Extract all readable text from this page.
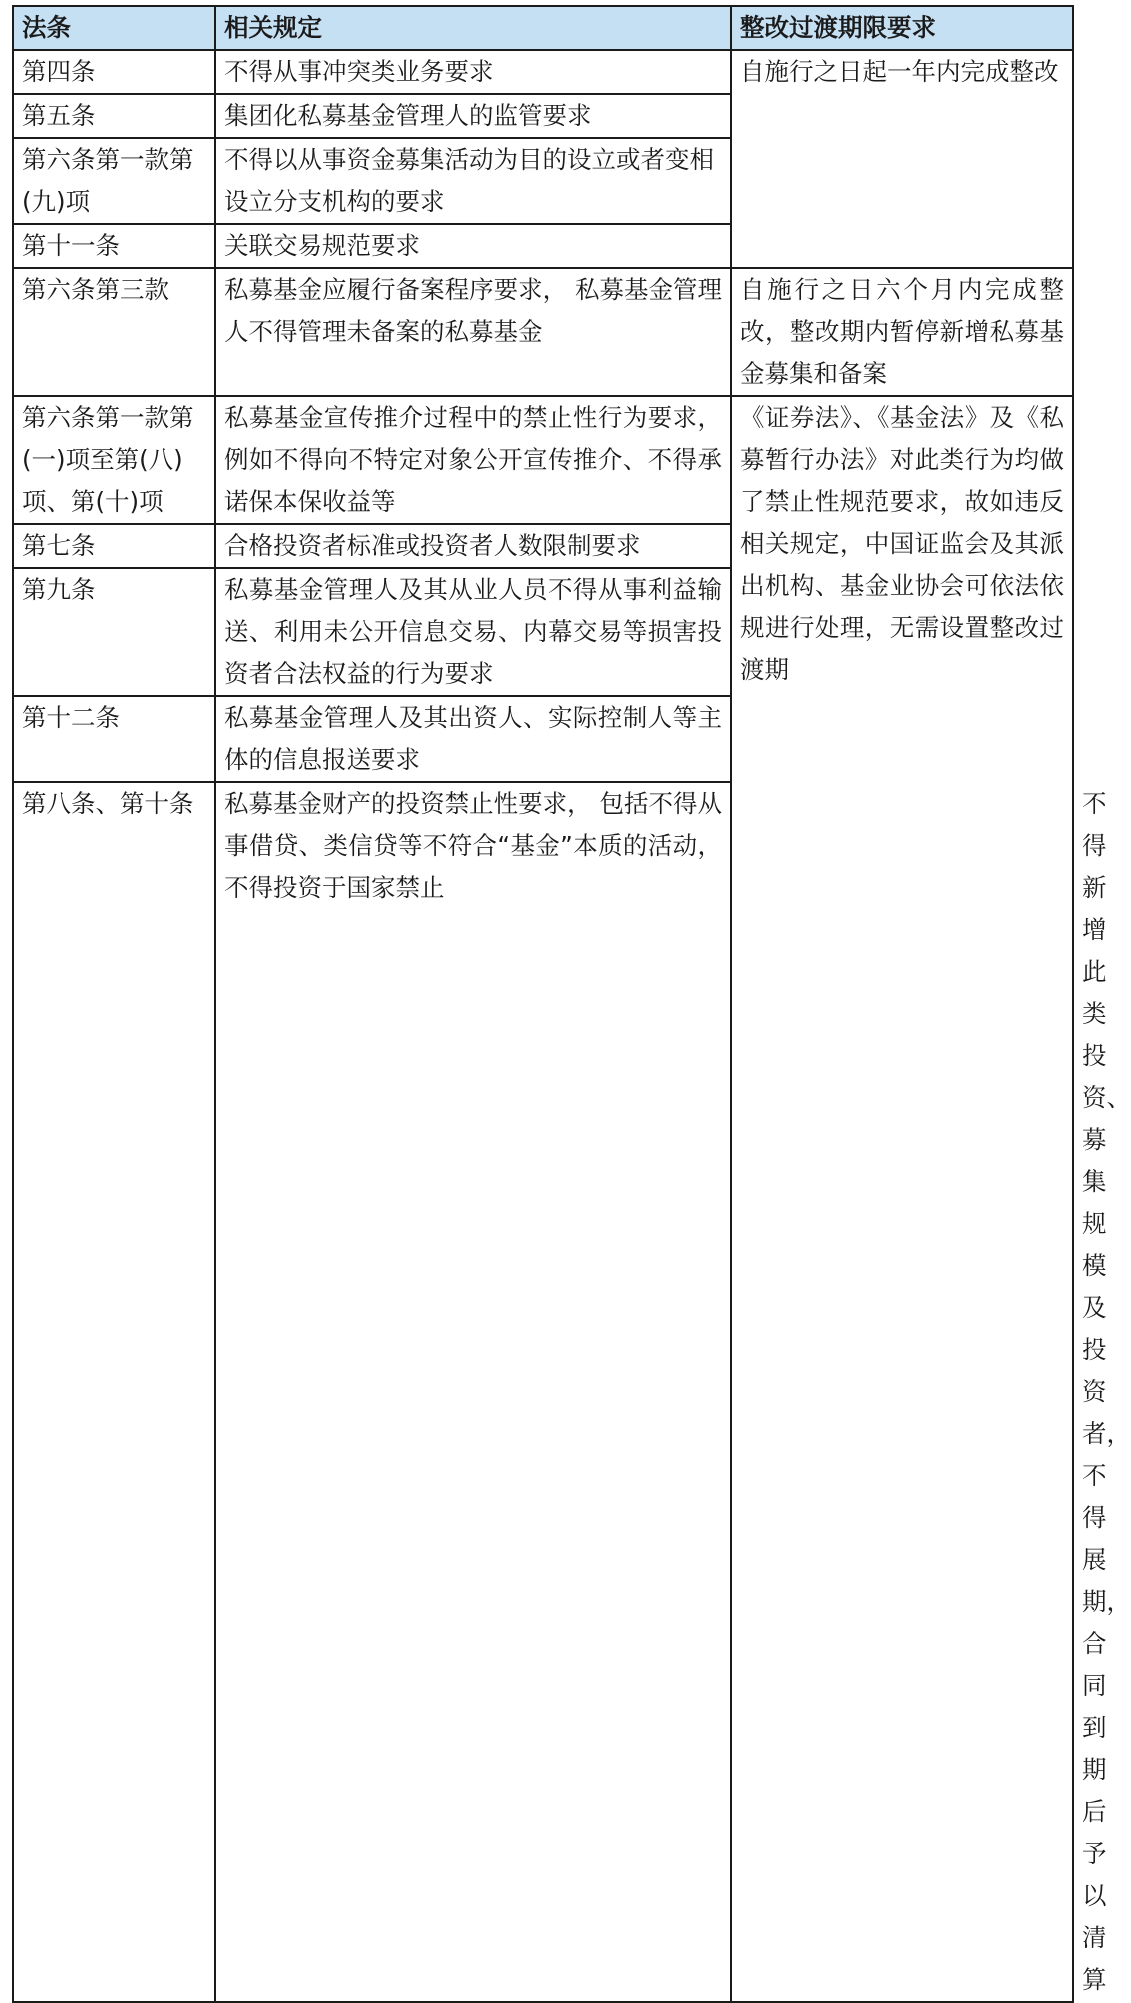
法条	相关规定	整改过渡期限要求	
第四条	不得从事冲突类业务要求	自施行之日起一年内完成整改	
第五条	集团化私募基金管理人的监管要求		
第六条第一款第(九)项	不得以从事资金募集活动为目的设立或者变相设立分支机构的要求		
第十一条	关联交易规范要求		
第六条第三款	私募基金应履行备案程序要求， 私募基金管理人不得管理未备案的私募基金	自施行之日六个月内完成整改，整改期内暂停新增私募基金募集和备案	
第六条第一款第(一)项至第(八)项、第(十)项	私募基金宣传推介过程中的禁止性行为要求，例如不得向不特定对象公开宣传推介、不得承诺保本保收益等	《证券法》、《基金法》及《私募暂行办法》对此类行为均做了禁止性规范要求，故如违反相关规定，中国证监会及其派出机构、基金业协会可依法依规进行处理，无需设置整改过渡期	
第七条	合格投资者标准或投资者人数限制要求		
第九条	私募基金管理人及其从业人员不得从事利益输送、利用未公开信息交易、内幕交易等损害投资者合法权益的行为要求		
第十二条	私募基金管理人及其出资人、实际控制人等主体的信息报送要求		
第八条、第十条	私募基金财产的投资禁止性要求， 包括不得从事借贷、类信贷等不符合“基金”本质的活动，不得投资于国家禁止		不得新增此类投资、募集规模及投资者，不得展期，合同到期后予以清算
